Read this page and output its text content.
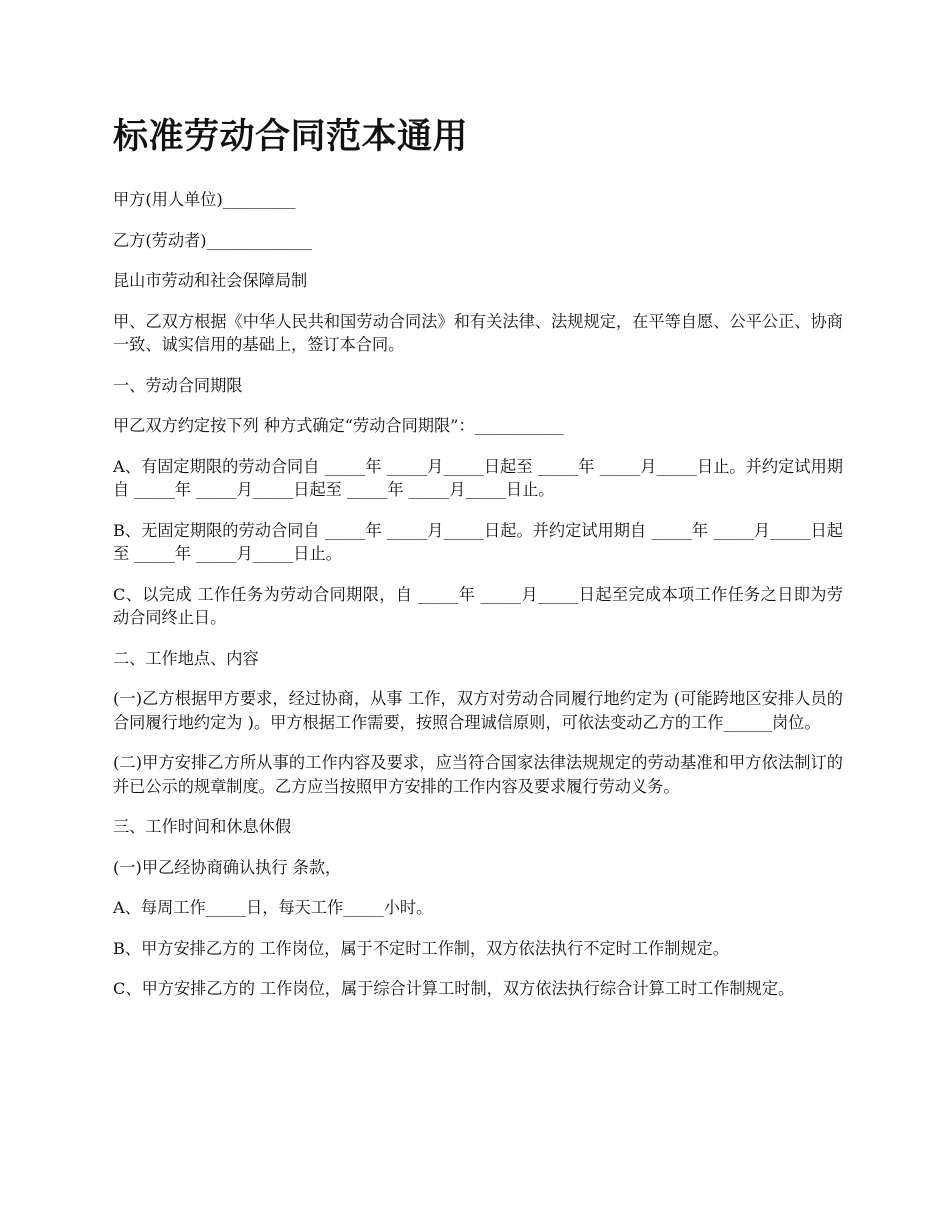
标准劳动合同范本通用

甲方(用人单位)_________

乙方(劳动者)_____________

昆山市劳动和社会保障局制

甲、乙双方根据《中华人民共和国劳动合同法》和有关法律、法规规定，在平等自愿、公平公正、协商一致、诚实信用的基础上，签订本合同。

一、劳动合同期限

甲乙双方约定按下列 种方式确定“劳动合同期限”：___________

A、有固定期限的劳动合同自 _____年 _____月_____日起至 _____年 _____月_____日止。并约定试用期自 _____年 _____月_____日起至 _____年 _____月_____日止。

B、无固定期限的劳动合同自 _____年 _____月_____日起。并约定试用期自 _____年 _____月_____日起至 _____年 _____月_____日止。

C、以完成 工作任务为劳动合同期限，自 _____年 _____月_____日起至完成本项工作任务之日即为劳动合同终止日。

二、工作地点、内容

(一)乙方根据甲方要求，经过协商，从事 工作，双方对劳动合同履行地约定为 (可能跨地区安排人员的合同履行地约定为 )。甲方根据工作需要，按照合理诚信原则，可依法变动乙方的工作______岗位。

(二)甲方安排乙方所从事的工作内容及要求，应当符合国家法律法规规定的劳动基准和甲方依法制订的并已公示的规章制度。乙方应当按照甲方安排的工作内容及要求履行劳动义务。

三、工作时间和休息休假

(一)甲乙经协商确认执行 条款，

A、每周工作_____日，每天工作_____小时。

B、甲方安排乙方的 工作岗位，属于不定时工作制，双方依法执行不定时工作制规定。

C、甲方安排乙方的 工作岗位，属于综合计算工时制，双方依法执行综合计算工时工作制规定。
